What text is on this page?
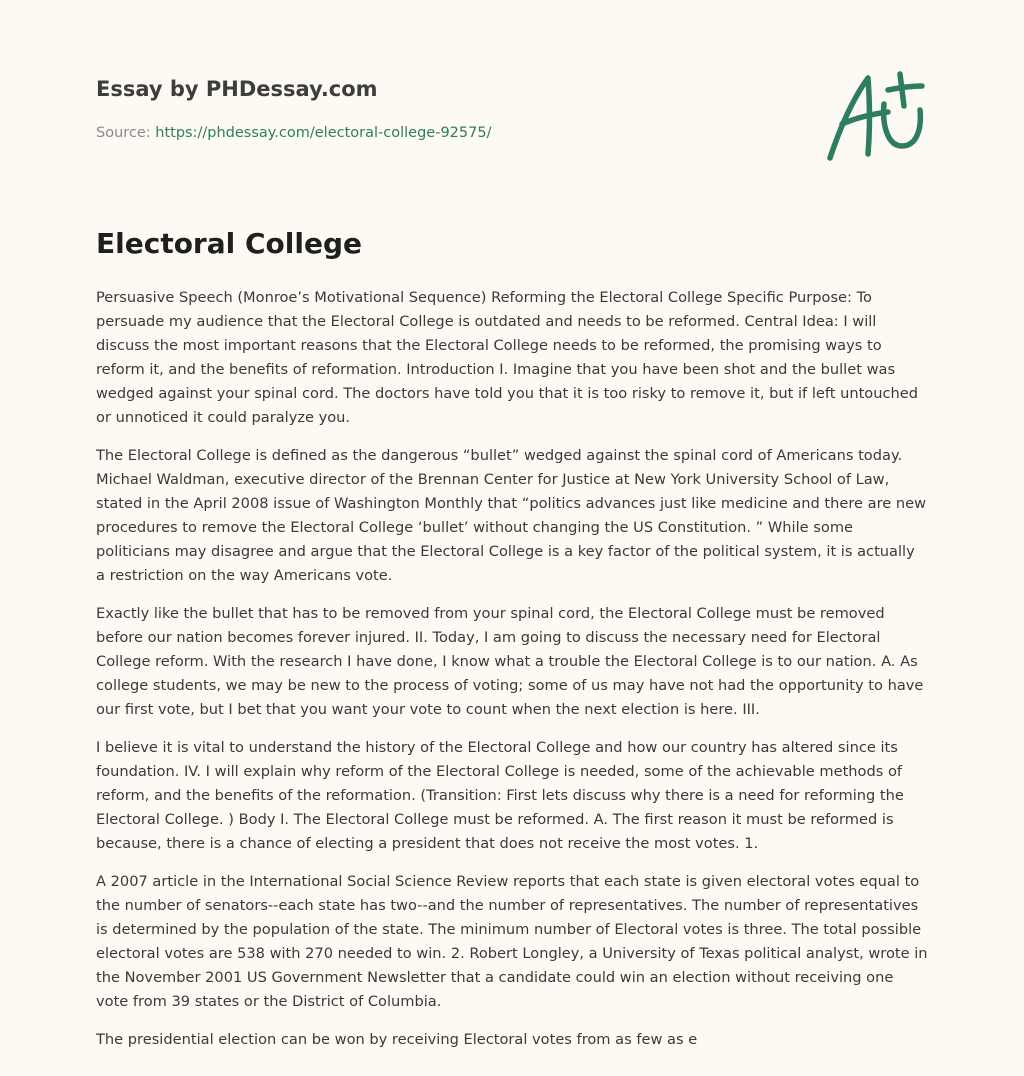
Essay by PHDessay.com
Source: https://phdessay.com/electoral-college-92575/
Electoral College

Persuasive Speech (Monroe’s Motivational Sequence) Reforming the Electoral College Specific Purpose: To persuade my audience that the Electoral College is outdated and needs to be reformed. Central Idea: I will discuss the most important reasons that the Electoral College needs to be reformed, the promising ways to reform it, and the benefits of reformation. Introduction I. Imagine that you have been shot and the bullet was wedged against your spinal cord. The doctors have told you that it is too risky to remove it, but if left untouched or unnoticed it could paralyze you.

The Electoral College is defined as the dangerous “bullet” wedged against the spinal cord of Americans today. Michael Waldman, executive director of the Brennan Center for Justice at New York University School of Law, stated in the April 2008 issue of Washington Monthly that “politics advances just like medicine and there are new procedures to remove the Electoral College ‘bullet’ without changing the US Constitution. ” While some politicians may disagree and argue that the Electoral College is a key factor of the political system, it is actually a restriction on the way Americans vote.

Exactly like the bullet that has to be removed from your spinal cord, the Electoral College must be removed before our nation becomes forever injured. II. Today, I am going to discuss the necessary need for Electoral College reform. With the research I have done, I know what a trouble the Electoral College is to our nation. A. As college students, we may be new to the process of voting; some of us may have not had the opportunity to have our first vote, but I bet that you want your vote to count when the next election is here. III.

I believe it is vital to understand the history of the Electoral College and how our country has altered since its foundation. IV. I will explain why reform of the Electoral College is needed, some of the achievable methods of reform, and the benefits of the reformation. (Transition: First lets discuss why there is a need for reforming the Electoral College. ) Body I. The Electoral College must be reformed. A. The first reason it must be reformed is because, there is a chance of electing a president that does not receive the most votes. 1.

A 2007 article in the International Social Science Review reports that each state is given electoral votes equal to the number of senators--each state has two--and the number of representatives. The number of representatives is determined by the population of the state. The minimum number of Electoral votes is three. The total possible electoral votes are 538 with 270 needed to win. 2. Robert Longley, a University of Texas political analyst, wrote in the November 2001 US Government Newsletter that a candidate could win an election without receiving one vote from 39 states or the District of Columbia.

The presidential election can be won by receiving Electoral votes from as few as e
